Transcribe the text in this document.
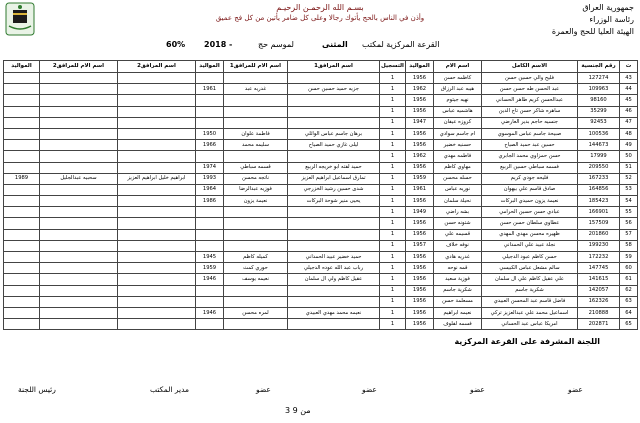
جمهورية العراق
رئاسة الوزراء
الهيئة العليا للحج والعمرة
بسـم الله الرحمـن الرحيـم
وأذن في الناس بالحج يأتوك رجالا وعلى كل ضامر يأتين من كل فج عميق
القرعة المركزية لمكتب
المثنى
لموسم حج
2018 -
60%
ت	رقم الجنسية	الاسم الكامل	اسم الام	المواليد	التسجيل	اسم المرافق1	اسم الام للمرافق1	المواليد	اسم المرافق2	اسم الام للمرافق2	المواليد
43	127274	فليح والي حسين حسن	كاظمه حسن	1956	1						
44	109963	عبد الحسن طه حسن حسن	هيبه عبد الرزاق	1962	1	جزيه حميد حسين حسن	غدريه عبد	1961			
45	98160	عبدالحسن كريم طاهر الحساني	نهيه جيثوم	1956	1						
46	35299	ساهره شاكر حسن تاج الدين	هاشميه عباس	1956	1						
47	92453	جنسيه حاجم بدير العارضي	كروزه عيفان	1947	1						
48	100536	صبيحة جاسم عباس الموسوي	ام جاسم سوادي	1956	1	برهان جاسم عباس الوائلي	فاطمة علوان	1950			
49	144673	حسين عبد حميد الصياح	حسنيه خضير	1956	1	ليلى غازي حميد الصياح	سليمه محمد	1966			
50	17999	حسن حمزاوي محمد الجابري	فاطمه مهدي	1962	1						
51	209550	فسمه سباطي حسين الربيع	مهاوي كاظم	1956	1	حميد لفته ابو خريجه الربيع	قسمه سباطي	1974			
52	167233	فليحه جودي كريم	حسله محسن	1959	1	تمارق اسماعيل ابراهيم العزيز	ناتجه محسن	1993	ابراهيم خليل ابراهيم العزيز	سحبيه عبدالجليل	1989
53	164856	صادق قاسم علي بيهوان	نوريه عباس	1961	1	شدى حسين رشيد الخزرجي	فوزيه عبدالرضا	1964			
54	185423	نعيمة يزون حميدي البركات	نحيلة سلمان	1956	1	يحيى منير شوحة البركات	نعيمة يزون	1986			
55	166901	عبادي حسن حسين الحرامي	بشه راضي	1949	1						
56	157509	عطاوي سلطان حسن حسن	شتونه حسن	1956	1						
57	201860	ظهيره محسن مهدي المهدي	قسيمه علي	1956	1						
58	199230	نجلة عبيد علي الحمداني	نوفه خلاف	1957	1						
59	172232	حسن كاظم عبود الدجيلي	غدريه هادي	1956	1	حميد خضير عبيد الحمداني	كميله كاظم	1945			
60	147745	سالم مشعل عباس الكبيسي	قمه نوحه	1956	1	رباب عبد الله عوده الدجيلي	حوري كمث	1959			
61	141615	علي عقيل كاظم علي ال سلمان	فوزية سعيد	1956	1	عقيل كاظم ولي ال سلمان	نعيمه يوسف	1946			
62	142057	شكرية جاسم	شكرية جاسم	1956	1						
63	162326	فاضل قاسم عبد المحسن العبيدي	مسعلمة حسن	1956	1						
64	210888	اسماعيل محمد علي عبدالعزيز تركي	نعيمه ابراهيم	1956	1	نعيمه محمد مهدي العبيدي	لمره محسن	1946			
65	202871	امريكا عباس عبد الحساني	فسمه لفلوف	1956	1						
اللجنة المشرفة على القرعة المركزية
رئيس اللجنة	مدير المكتب	عضو	عضو	عضو	عضو
3 من 9
